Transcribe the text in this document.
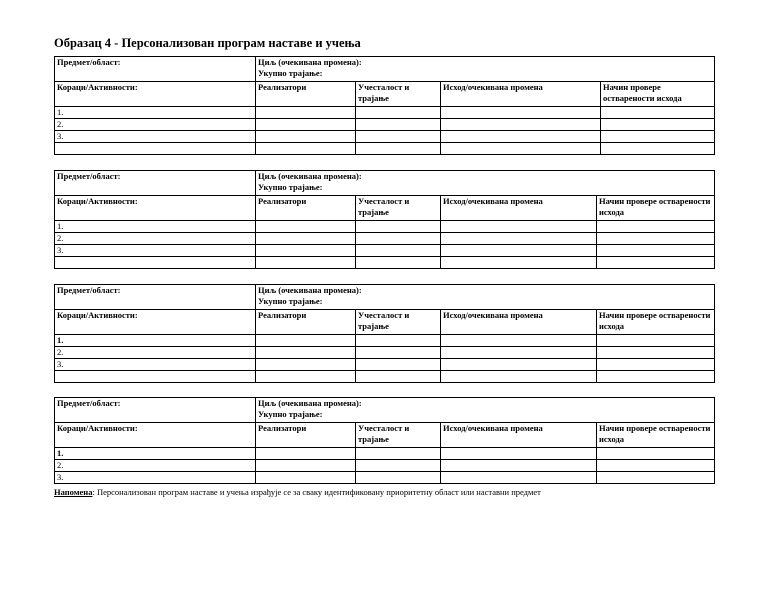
Образац 4 - Персонализован програм наставе и учења
Предмет/област:	Циљ (очекивана промена):
Укупно трајање:			

Кораци/Активности:	Реализатори	Учесталост и трајање	Исход/очекивана промена	Начин провере остварености исхода
1.				
2.				
3.				

Предмет/област:	Циљ (очекивана промена):
Укупно трајање:			

Кораци/Активности:	Реализатори	Учесталост и трајање	Исход/очекивана промена	Начин провере остварености исхода
1.				
2.				
3.				

Предмет/област:	Циљ (очекивана промена):
Укупно трајање:			

Кораци/Активности:	Реализатори	Учесталост и трајање	Исход/очекивана промена	Начин провере остварености исхода
1.				
2.				
3.				

Предмет/област:	Циљ (очекивана промена):
Укупно трајање:			

Кораци/Активности:	Реализатори	Учесталост и трајање	Исход/очекивана промена	Начин провере остварености исхода
1.				
2.				
3.				
Напомена: Персонализован програм наставе и учења израђује се за сваку идентификовану приоритетну област или наставни предмет
